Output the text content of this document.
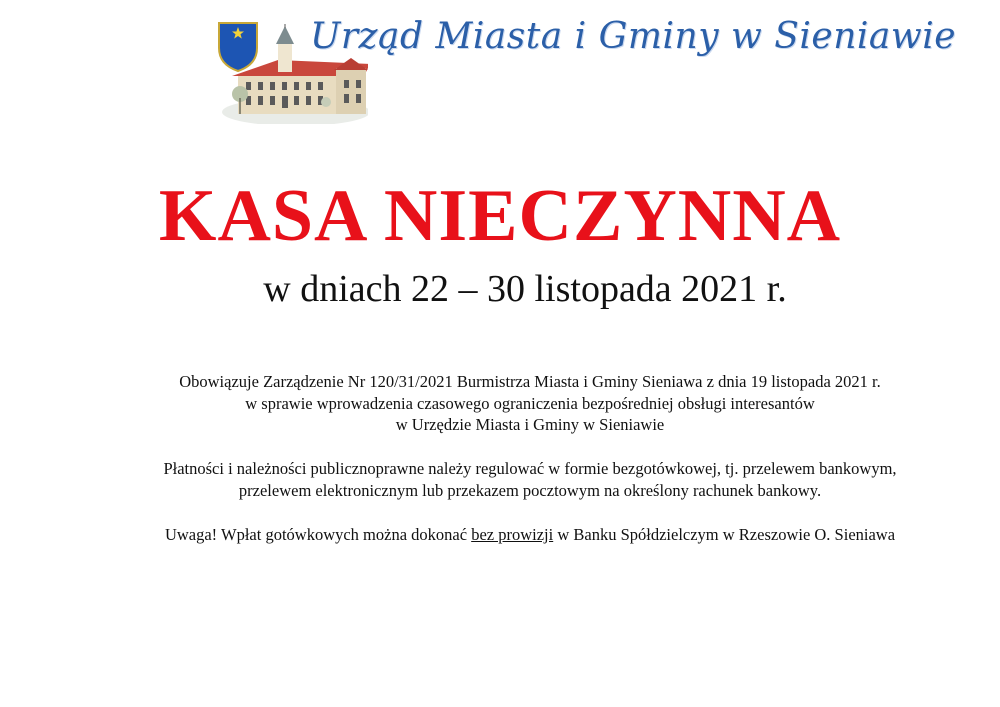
Urząd Miasta i Gminy w Sieniawie
KASA NIECZYNNA
w dniach 22 – 30 listopada 2021 r.
Obowiązuje Zarządzenie Nr 120/31/2021 Burmistrza Miasta i Gminy Sieniawa z dnia 19 listopada 2021 r.
w sprawie wprowadzenia czasowego ograniczenia bezpośredniej obsługi interesantów
w Urzędzie Miasta i Gminy w Sieniawie
Płatności i należności publicznoprawne należy regulować w formie bezgotówkowej, tj. przelewem bankowym,
przelewem elektronicznym lub przekazem pocztowym na określony rachunek bankowy.
Uwaga! Wpłat gotówkowych można dokonać bez prowizji w Banku Spółdzielczym w Rzeszowie O. Sieniawa
